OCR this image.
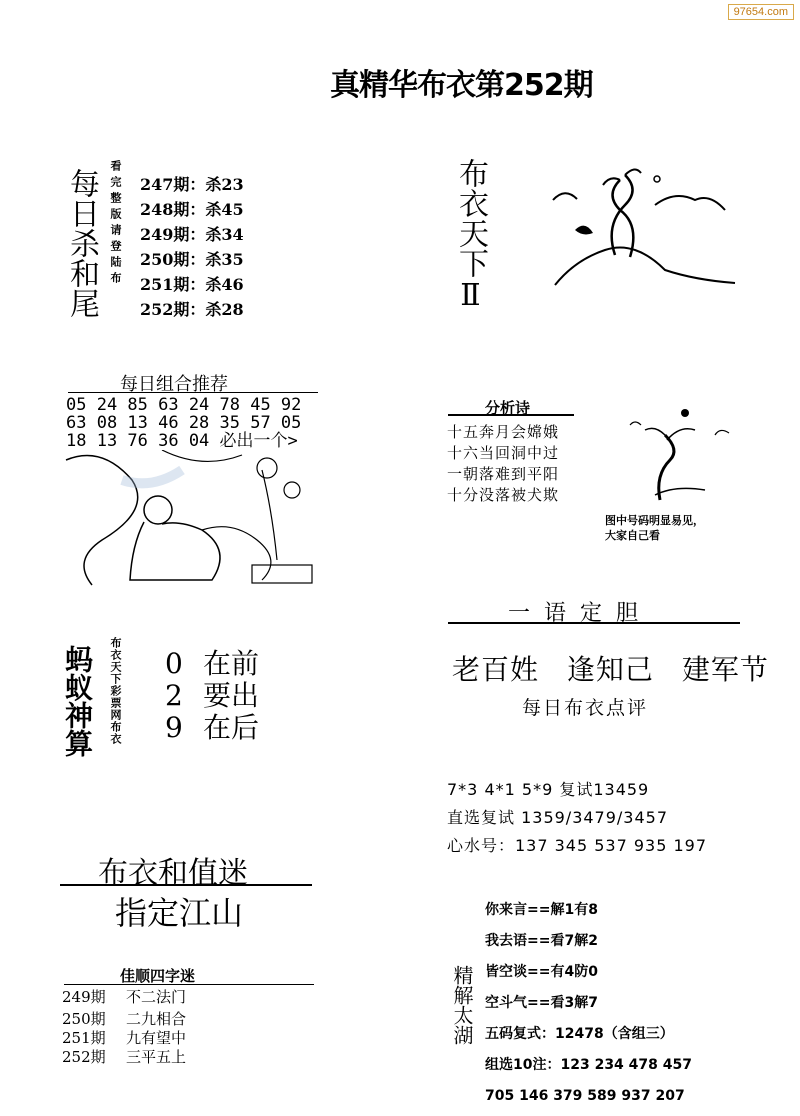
97654.com
真精华布衣第252期
每日杀和尾 看完整版请登陆布 247期：杀23
248期：杀45
249期：杀34
250期：杀35
251期：杀46
252期：杀28
每日组合推荐
05 24 85 63 24 78 45 92
63 08 13 46 28 35 57 05
18 13 76 36 04 必出一个>
蚂蚁神算 布衣天下彩票网布衣 0 在前
2 要出
9 在后
布衣和值迷
指定江山
佳顺四字迷
249期 不二法门
250期 二九相合
251期 九有望中
252期 三平五上
布衣天下Ⅱ
分析诗
十五奔月会嫦娥
十六当回洞中过
一朝落难到平阳
十分没落被犬欺
图中号码明显易见，
大家自己看
一语定胆
老百姓 逢知己 建军节
每日布衣点评
7*3 4*1 5*9 复试13459
直选复试 1359/3479/3457
心水号：137 345 537 935 197
精解太湖
你来言==解1有8
我去语==看7解2
皆空谈==有4防0
空斗气==看3解7
五码复式：12478（含组三）
组选10注：123 234 478 457
705 146 379 589 937 207
